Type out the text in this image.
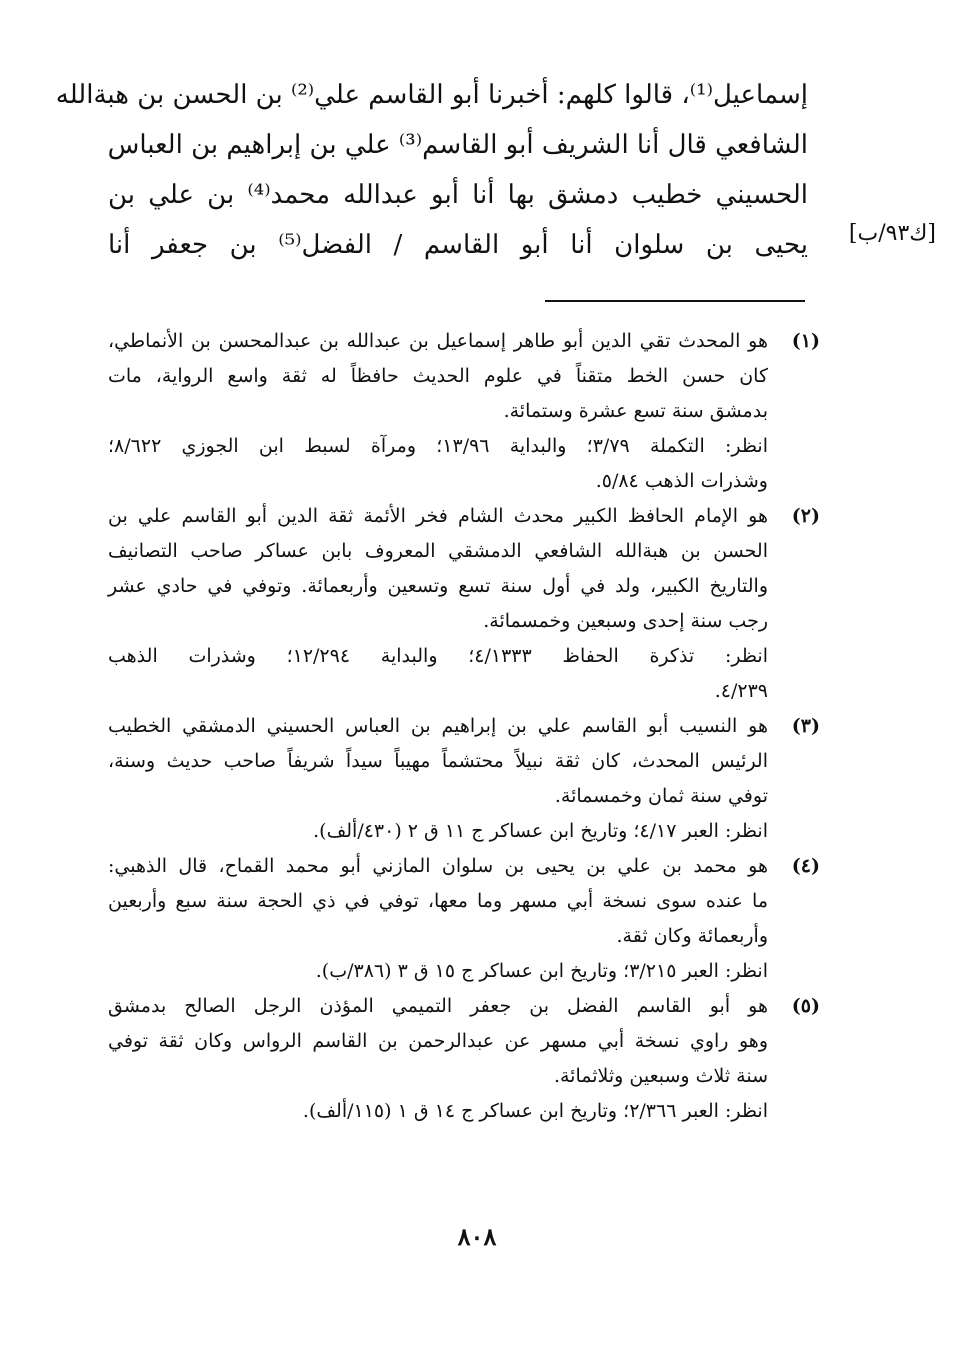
إسماعيل⁽¹⁾، قالوا كلهم: أخبرنا أبو القاسم علي⁽²⁾ بن الحسن بن هبةالله
الشافعي قال أنا الشريف أبو القاسم⁽³⁾ علي بن إبراهيم بن العباس
الحسيني خطيب دمشق بها أنا أبو عبدالله محمد⁽⁴⁾ بن علي بن
يحيى بن سلوان أنا أبو القاسم / الفضل⁽⁵⁾ بن جعفر أنا [ك٩٣/ب]
(١)
هو المحدث تقي الدين أبو طاهر إسماعيل بن عبدالله بن عبدالمحسن بن الأنماطي،
كان حسن الخط متقناً في علوم الحديث حافظاً له ثقة واسع الرواية، مات
بدمشق سنة تسع عشرة وستمائة.
انظر: التكملة ٣/٧٩؛ والبداية ١٣/٩٦؛ ومرآة لسبط ابن الجوزي ٨/٦٢٢؛
وشذرات الذهب ٥/٨٤.
(٢)
هو الإمام الحافظ الكبير محدث الشام فخر الأئمة ثقة الدين أبو القاسم علي بن
الحسن بن هبةالله الشافعي الدمشقي المعروف بابن عساكر صاحب التصانيف
والتاريخ الكبير، ولد في أول سنة تسع وتسعين وأربعمائة. وتوفي في حادي عشر
رجب سنة إحدى وسبعين وخمسمائة.
انظر: تذكرة الحفاظ ٤/١٣٣٣؛ والبداية ١٢/٢٩٤؛ وشذرات الذهب
٤/٢٣٩.
(٣)
هو النسيب أبو القاسم علي بن إبراهيم بن العباس الحسيني الدمشقي الخطيب
الرئيس المحدث، كان ثقة نبيلاً محتشماً مهيباً سيداً شريفاً صاحب حديث وسنة،
توفي سنة ثمان وخمسمائة.
انظر: العبر ٤/١٧؛ وتاريخ ابن عساكر ج ١١ ق ٢ (٤٣٠/ألف).
(٤)
هو محمد بن علي بن يحيى بن سلوان المازني أبو محمد القماح، قال الذهبي:
ما عنده سوى نسخة أبي مسهر وما معها، توفي في ذي الحجة سنة سبع وأربعين
وأربعمائة وكان ثقة.
انظر: العبر ٣/٢١٥؛ وتاريخ ابن عساكر ج ١٥ ق ٣ (٣٨٦/ب).
(٥)
هو أبو القاسم الفضل بن جعفر التميمي المؤذن الرجل الصالح بدمشق
وهو راوي نسخة أبي مسهر عن عبدالرحمن بن القاسم الرواس وكان ثقة توفي
سنة ثلاث وسبعين وثلاثمائة.
انظر: العبر ٢/٣٦٦؛ وتاريخ ابن عساكر ج ١٤ ق ١ (١١٥/ألف).
٨٠٨
